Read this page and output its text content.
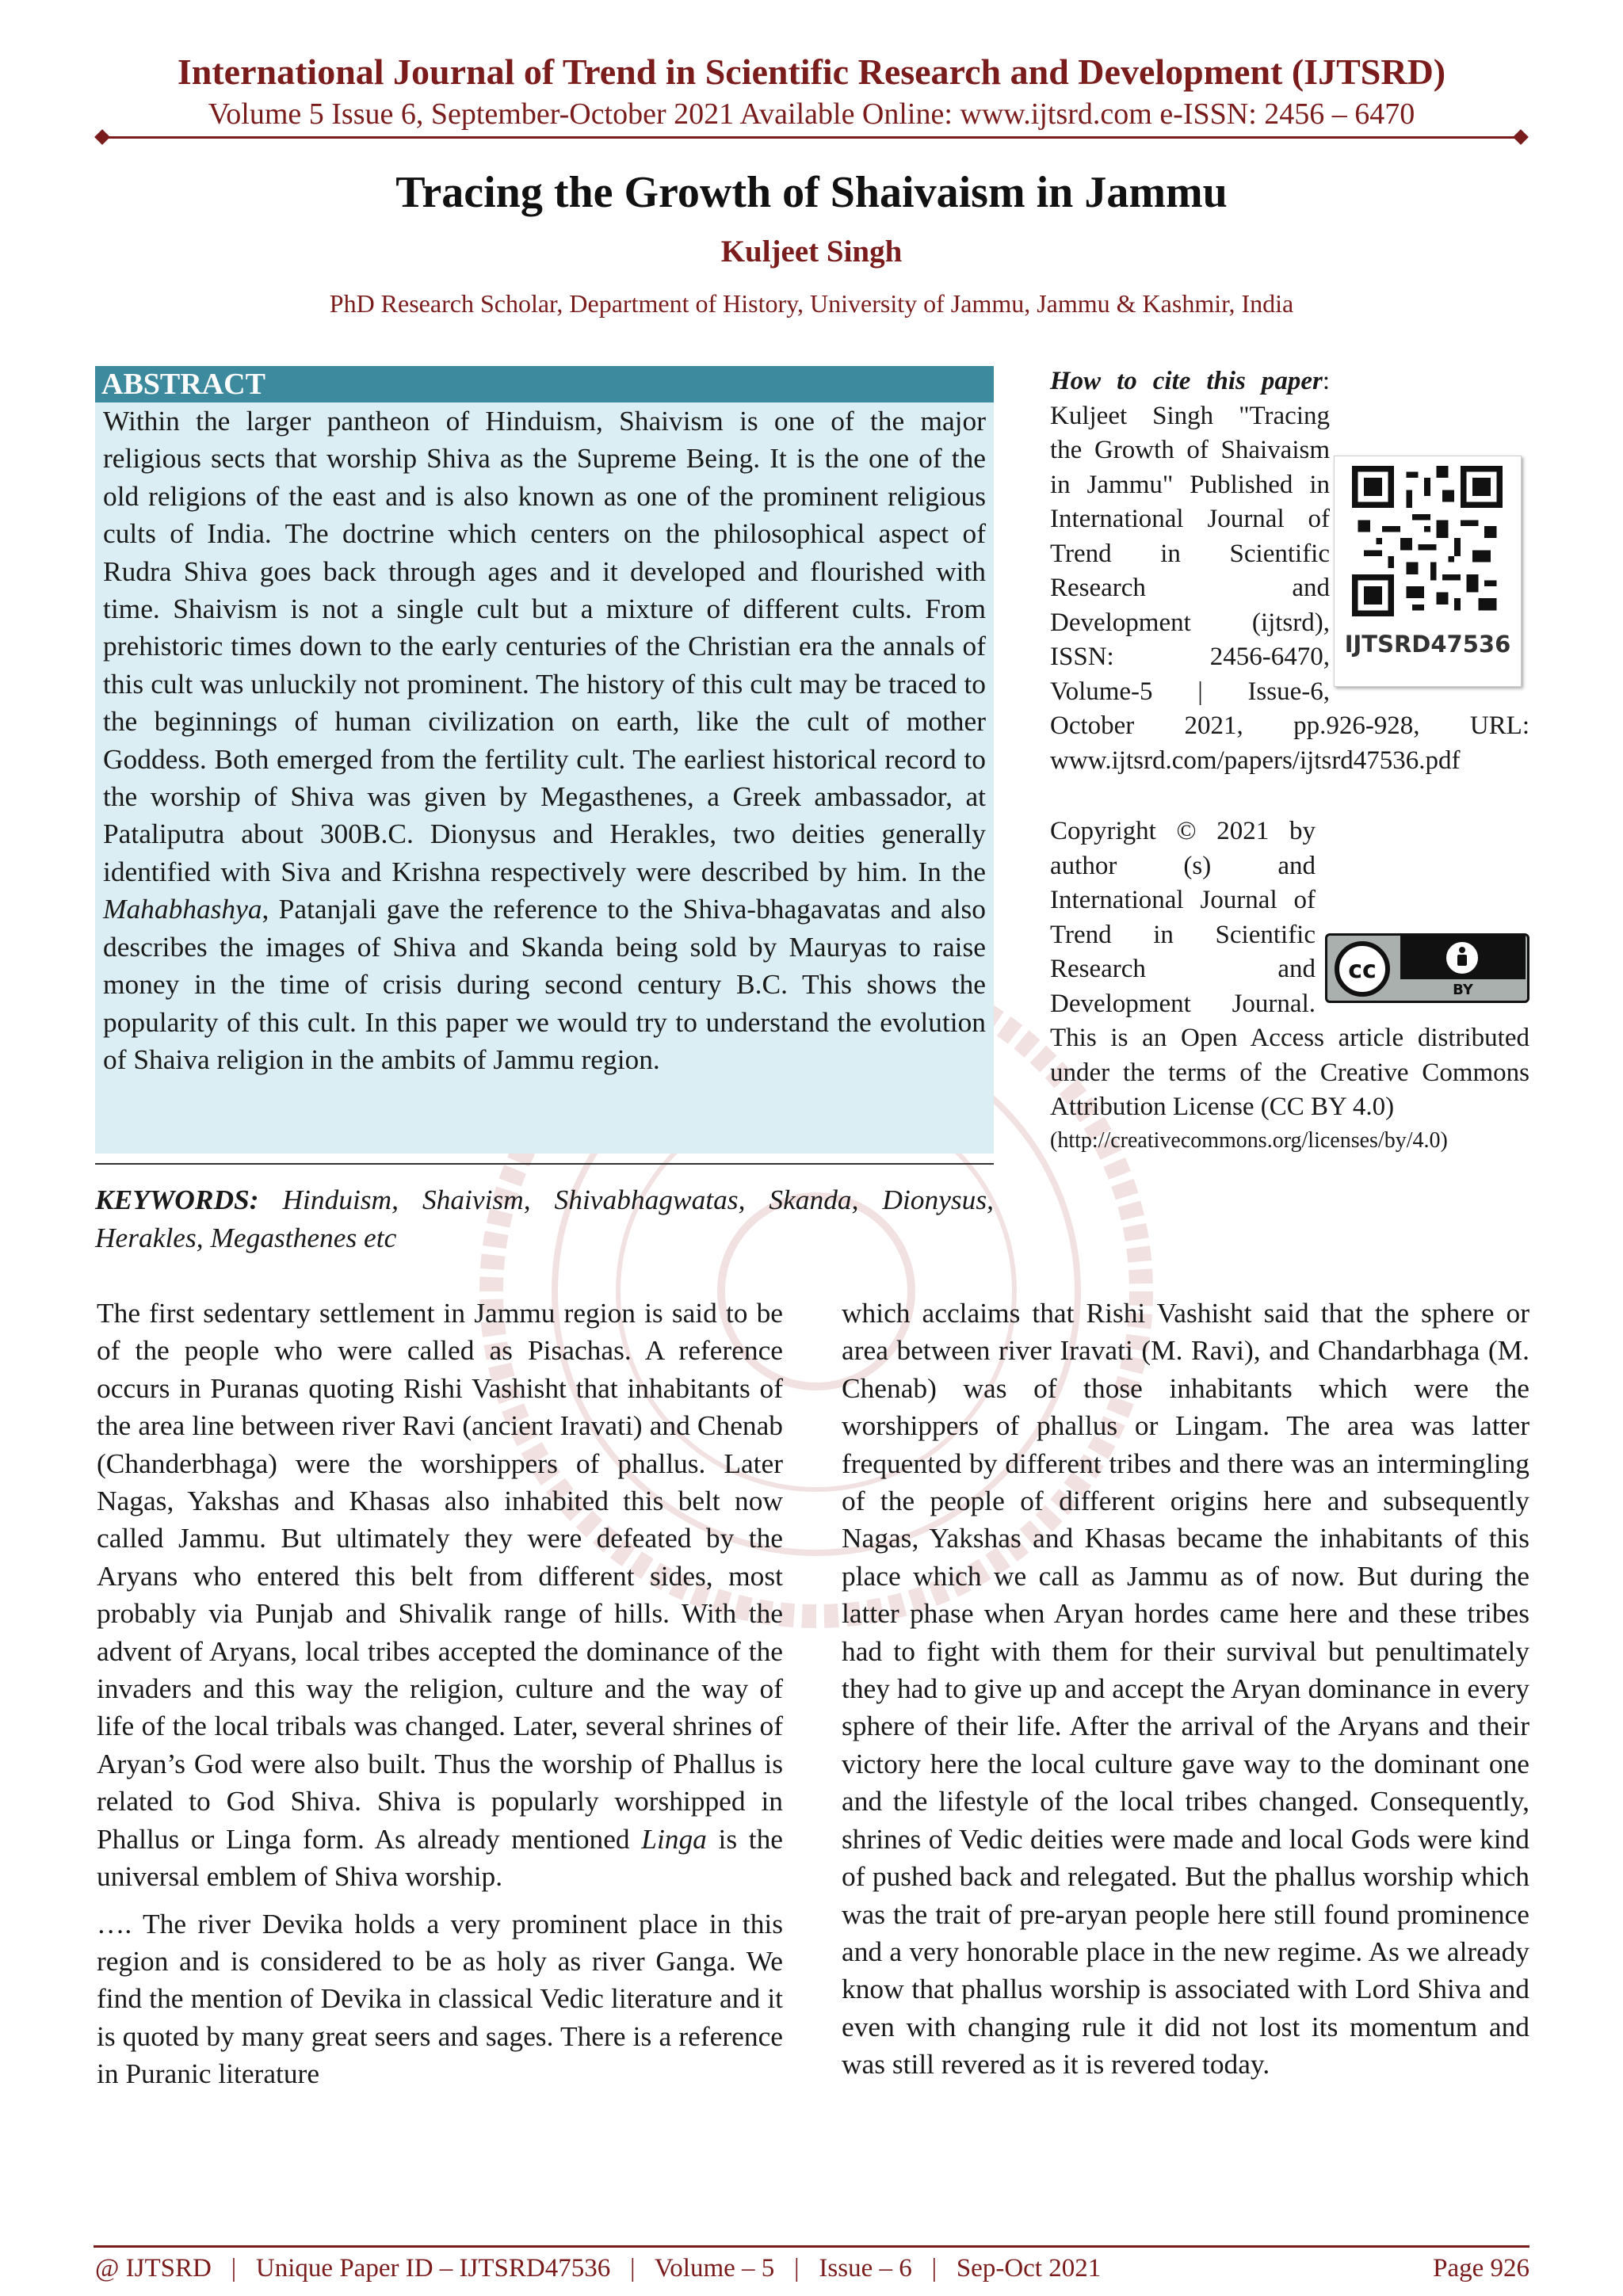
International Journal of Trend in Scientific Research and Development (IJTSRD)
Volume 5 Issue 6, September-October 2021 Available Online: www.ijtsrd.com e-ISSN: 2456 – 6470
Tracing the Growth of Shaivaism in Jammu
Kuljeet Singh
PhD Research Scholar, Department of History, University of Jammu, Jammu & Kashmir, India
ABSTRACT
Within the larger pantheon of Hinduism, Shaivism is one of the major religious sects that worship Shiva as the Supreme Being. It is the one of the old religions of the east and is also known as one of the prominent religious cults of India. The doctrine which centers on the philosophical aspect of Rudra Shiva goes back through ages and it developed and flourished with time. Shaivism is not a single cult but a mixture of different cults. From prehistoric times down to the early centuries of the Christian era the annals of this cult was unluckily not prominent. The history of this cult may be traced to the beginnings of human civilization on earth, like the cult of mother Goddess. Both emerged from the fertility cult. The earliest historical record to the worship of Shiva was given by Megasthenes, a Greek ambassador, at Pataliputra about 300B.C. Dionysus and Herakles, two deities generally identified with Siva and Krishna respectively were described by him. In the Mahabhashya, Patanjali gave the reference to the Shiva-bhagavatas and also describes the images of Shiva and Skanda being sold by Mauryas to raise money in the time of crisis during second century B.C. This shows the popularity of this cult. In this paper we would try to understand the evolution of Shaiva religion in the ambits of Jammu region.
KEYWORDS: Hinduism, Shaivism, Shivabhagwatas, Skanda, Dionysus, Herakles, Megasthenes etc

How to cite this paper: Kuljeet Singh "Tracing the Growth of Shaivaism in Jammu" Published in International Journal of Trend in Scientific Research and Development (ijtsrd), ISSN: 2456-6470, Volume-5 | Issue-6, October 2021, pp.926-928, URL: www.ijtsrd.com/papers/ijtsrd47536.pdf

IJTSRD47536

Copyright © 2021 by author (s) and International Journal of Trend in Scientific Research and Development Journal. This is an Open Access article distributed under the terms of the Creative Commons Attribution License (CC BY 4.0)

(http://creativecommons.org/licenses/by/4.0)

cc
BY

The first sedentary settlement in Jammu region is said to be of the people who were called as Pisachas. A reference occurs in Puranas quoting Rishi Vashisht that inhabitants of the area line between river Ravi (ancient Iravati) and Chenab (Chanderbhaga) were the worshippers of phallus. Later Nagas, Yakshas and Khasas also inhabited this belt now called Jammu. But ultimately they were defeated by the Aryans who entered this belt from different sides, most probably via Punjab and Shivalik range of hills. With the advent of Aryans, local tribes accepted the dominance of the invaders and this way the religion, culture and the way of life of the local tribals was changed. Later, several shrines of Aryan’s God were also built. Thus the worship of Phallus is related to God Shiva. Shiva is popularly worshipped in Phallus or Linga form. As already mentioned Linga is the universal emblem of Shiva worship.

…. The river Devika holds a very prominent place in this region and is considered to be as holy as river Ganga. We find the mention of Devika in classical Vedic literature and it is quoted by many great seers and sages. There is a reference in Puranic literature

which acclaims that Rishi Vashisht said that the sphere or area between river Iravati (M. Ravi), and Chandarbhaga (M. Chenab) was of those inhabitants which were the worshippers of phallus or Lingam. The area was latter frequented by different tribes and there was an intermingling of the people of different origins here and subsequently Nagas, Yakshas and Khasas became the inhabitants of this place which we call as Jammu as of now. But during the latter phase when Aryan hordes came here and these tribes had to fight with them for their survival but penultimately they had to give up and accept the Aryan dominance in every sphere of their life. After the arrival of the Aryans and their victory here the local culture gave way to the dominant one and the lifestyle of the local tribes changed. Consequently, shrines of Vedic deities were made and local Gods were kind of pushed back and relegated. But the phallus worship which was the trait of pre-aryan people here still found prominence and a very honorable place in the new regime. As we already know that phallus worship is associated with Lord Shiva and even with changing rule it did not lost its momentum and was still revered as it is revered today.

@ IJTSRD   |   Unique Paper ID – IJTSRD47536   |   Volume – 5   |   Issue – 6   |   Sep-Oct 2021	Page 926
